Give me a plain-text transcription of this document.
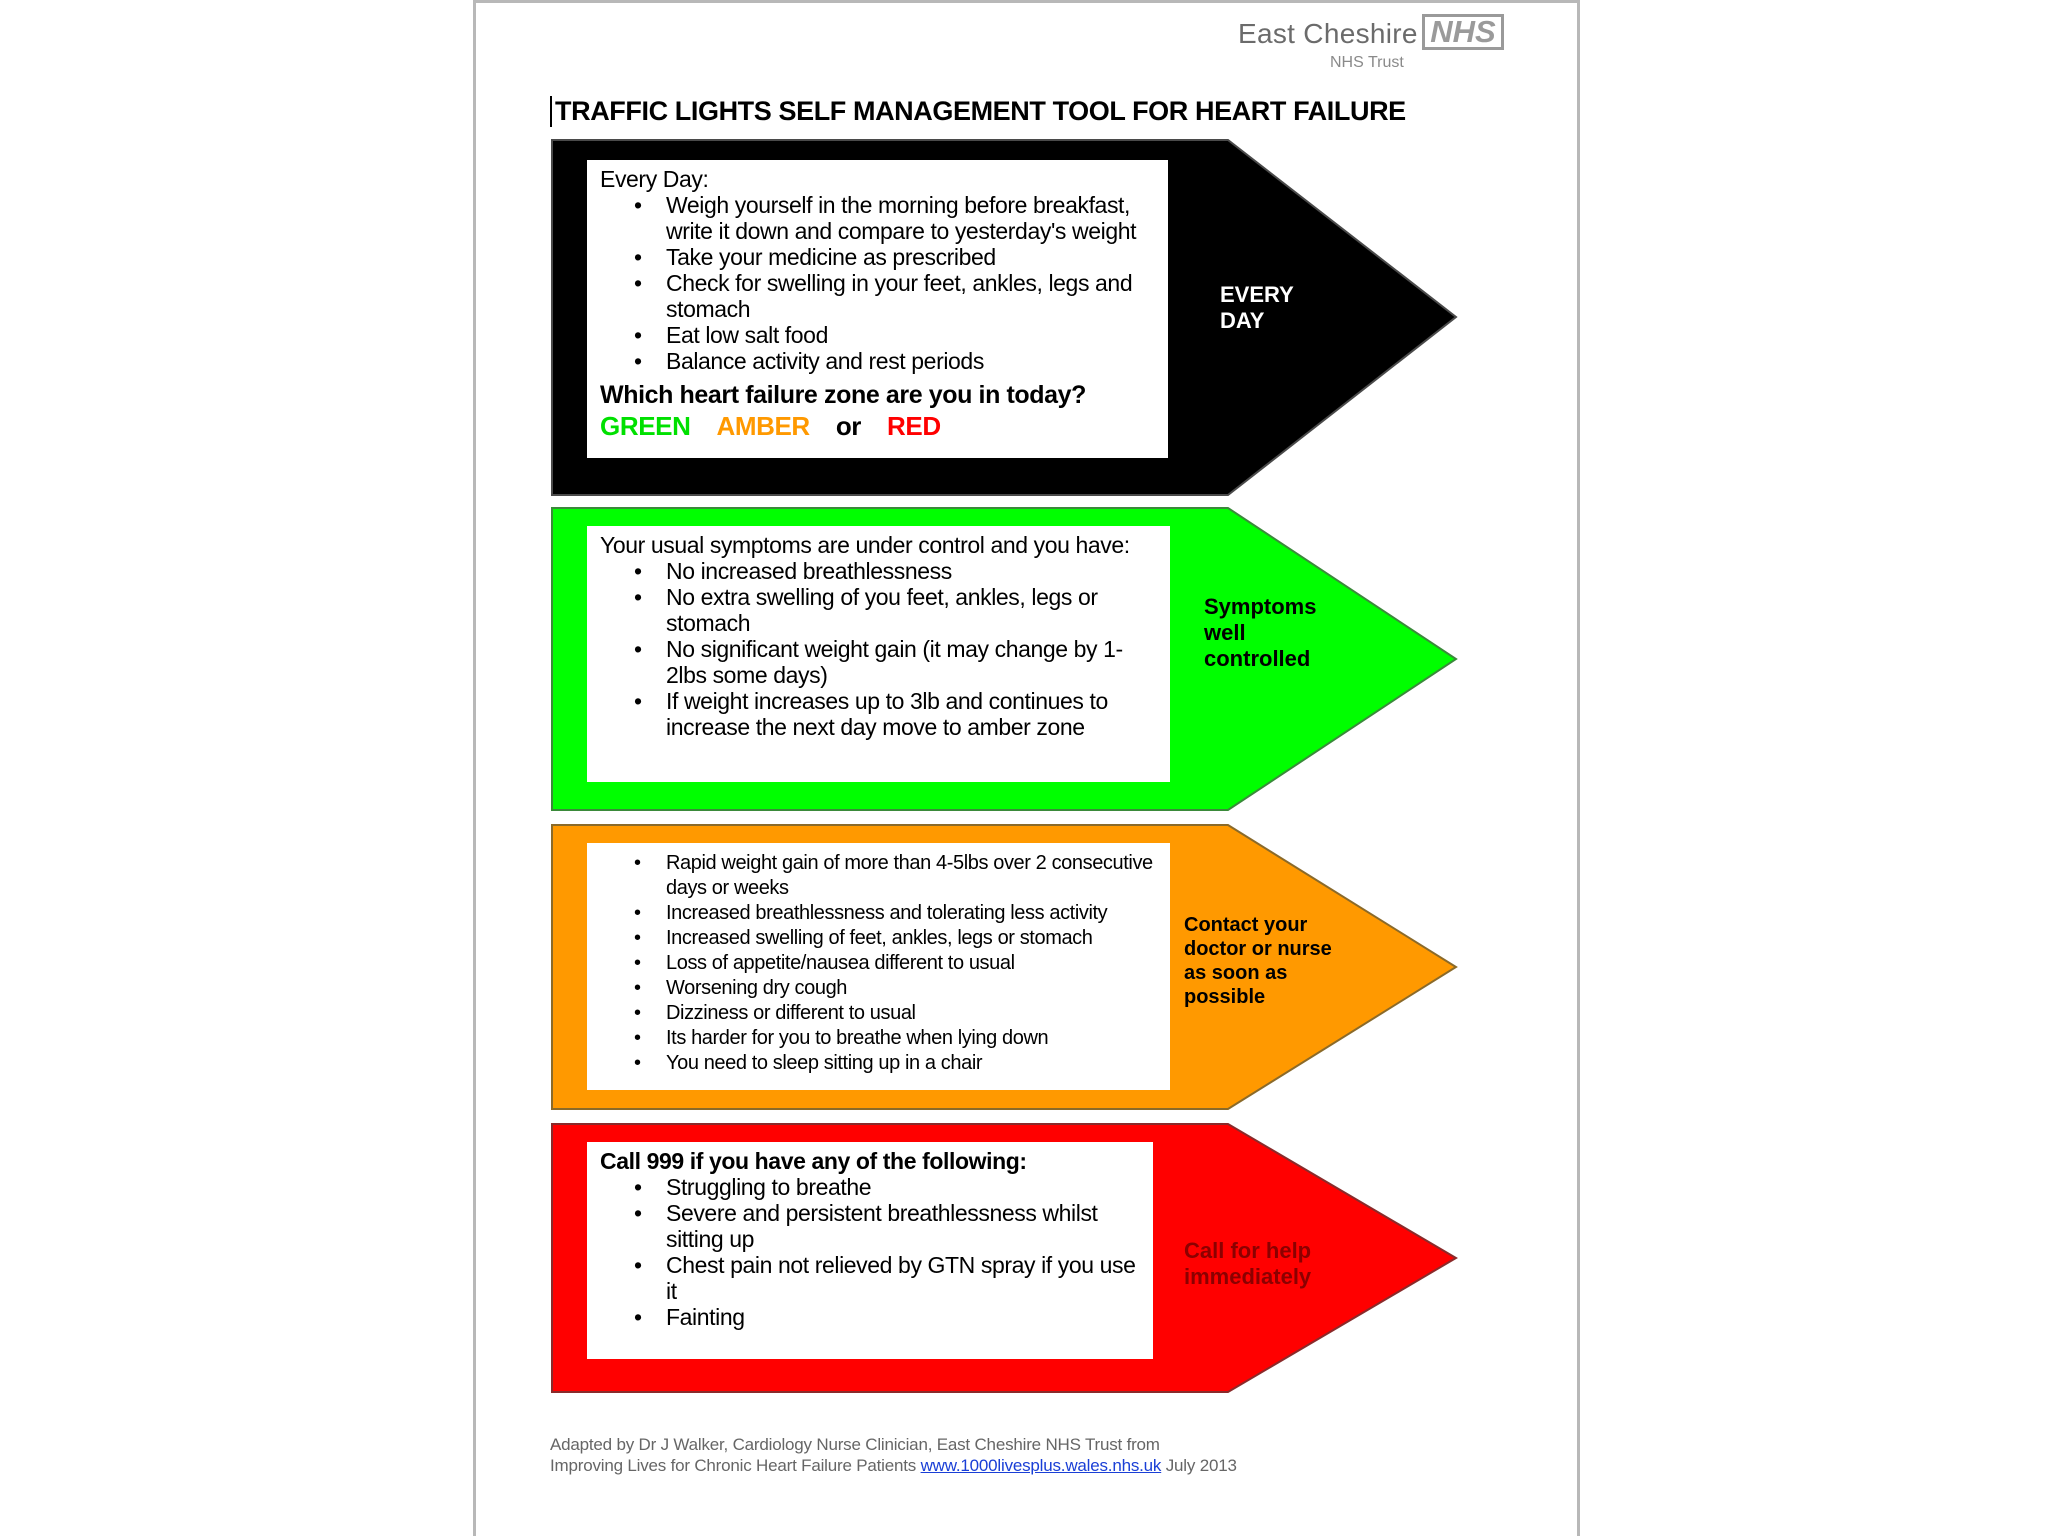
East Cheshire NHS
NHS Trust
TRAFFIC LIGHTS SELF MANAGEMENT TOOL FOR HEART FAILURE
Every Day:
• Weigh yourself in the morning before breakfast, write it down and compare to yesterday's weight
• Take your medicine as prescribed
• Check for swelling in your feet, ankles, legs and stomach
• Eat low salt food
• Balance activity and rest periods
Which heart failure zone are you in today?
GREEN AMBER or RED
EVERY
DAY
Your usual symptoms are under control and you have:
• No increased breathlessness
• No extra swelling of you feet, ankles, legs or stomach
• No significant weight gain (it may change by 1-2lbs some days)
• If weight increases up to 3lb and continues to increase the next day move to amber zone
Symptoms
well
controlled
• Rapid weight gain of more than 4-5lbs over 2 consecutive days or weeks
• Increased breathlessness and tolerating less activity
• Increased swelling of feet, ankles, legs or stomach
• Loss of appetite/nausea different to usual
• Worsening dry cough
• Dizziness or different to usual
• Its harder for you to breathe when lying down
• You need to sleep sitting up in a chair
Contact your
doctor or nurse
as soon as
possible
Call 999 if you have any of the following:
• Struggling to breathe
• Severe and persistent breathlessness whilst sitting up
• Chest pain not relieved by GTN spray if you use it
• Fainting
Call for help
immediately
Adapted by Dr J Walker, Cardiology Nurse Clinician, East Cheshire NHS Trust from
Improving Lives for Chronic Heart Failure Patients www.1000livesplus.wales.nhs.uk July 2013
